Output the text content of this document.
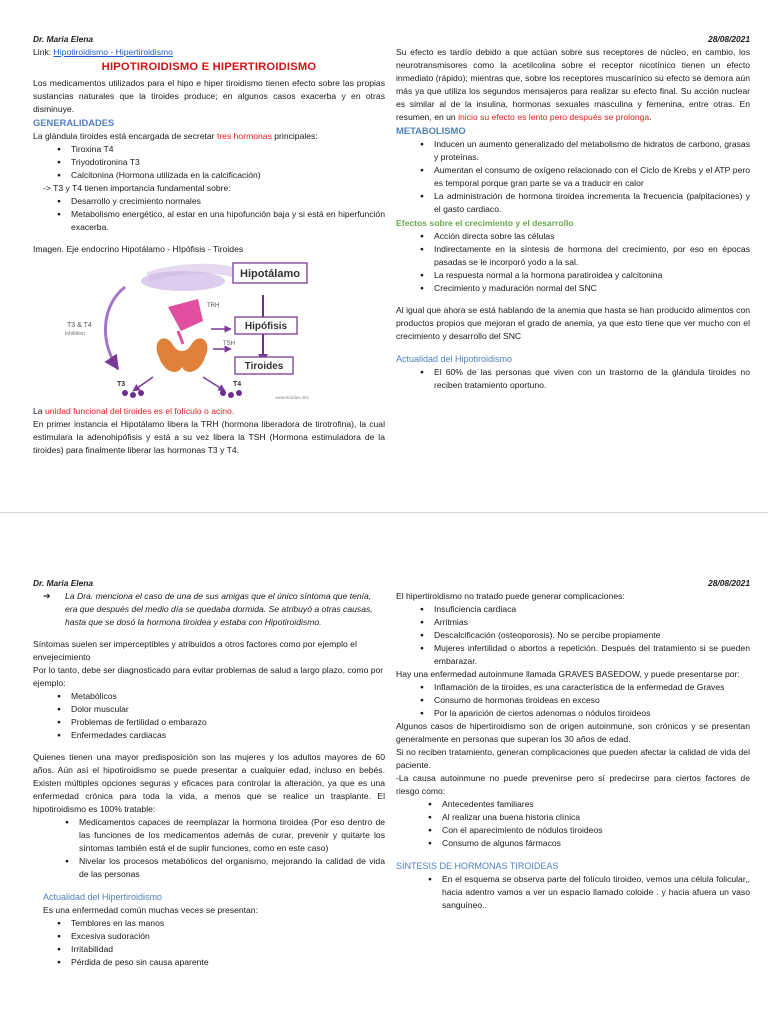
Dr. Maria Elena
Link: Hipotiroidismo - Hipertiroidismo
HIPOTIROIDISMO E HIPERTIROIDISMO
Los medicamentos utilizados para el hipo e hiper tiroidismo tienen efecto sobre las propias sustancias naturales que la tiroides produce; en algunos casos exacerba y en otras disminuye.
GENERALIDADES
La glándula tiroides está encargada de secretar tres hormonas principales:
● Tiroxina T4
● Triyodotironina T3
● Calcitonina (Hormona utilizada en la calcificación)
-> T3 y T4 tienen importancia fundamental sobre:
● Desarrollo y crecimiento normales
● Metabolismo energético, al estar en una hipofunción baja y si está en hiperfunción exacerba.
Imagen. Eje endocrino Hipotálamo - HIpófisis - Tiroides
Hipotálamo
Hipófisis
Tiroides
TRH
TSH
T3 & T4
Inhibition
T3	T4
www.tiroides.info
La unidad funcional del tiroides es el folículo o acino.
En primer instancia el Hipotálamo libera la TRH (hormona liberadora de tirotrofina), la cual estimulara la adenohipófisis y está a su vez libera la TSH (Hormona estimuladora de la tiroides) para finalmente liberar las hormonas T3 y T4.
28/08/2021
Su efecto es tardío debido a que actúan sobre sus receptores de núcleo, en cambio, los neurotransmisores como la acetilcolina sobre el receptor nicotínico tienen un efecto inmediato (rápido); mientras que, sobre los receptores muscarínico su efecto se demora aún más ya que utiliza los segundos mensajeros para realizar su efecto final. Su acción nuclear es similar al de la insulina, hormonas sexuales masculina y femenina, entre otras. En resumen, en un inicio su efecto es lento pero después se prolonga.
METABOLISMO
● Inducen un aumento generalizado del metabolismo de hidratos de carbono, grasas y proteínas.
● Aumentan el consumo de oxígeno relacionado con el Ciclo de Krebs y el ATP pero es temporal porque gran parte se va a traducir en calor
● La administración de hormona tiroidea incrementa la frecuencia (palpitaciones) y el gasto cardiaco.
Efectos sobre el crecimiento y el desarrollo
● Acción directa sobre las células
● Indirectamente en la síntesis de hormona del crecimiento, por eso en épocas pasadas se le incorporó yodo a la sal.
● La respuesta normal a la hormona paratiroidea y calcitonina
● Crecimiento y maduración normal del SNC
Al igual que ahora se está hablando de la anemia que hasta se han producido alimentos con productos propios que mejoran el grado de anemia, ya que esto tiene que ver mucho con el crecimiento y desarrollo del SNC
Actualidad del Hipotiroidismo
● El 60% de las personas que viven con un trastorno de la glándula tiroides no reciben tratamiento oportuno.
Dr. Maria Elena
➔ La Dra. menciona el caso de una de sus amigas que el único síntoma que tenía, era que después del medio día se quedaba dormida. Se atribuyó a otras causas, hasta que se dosó la hormona tiroidea y estaba con Hipotiroidismo.
Síntomas suelen ser imperceptibles y atribuidos a otros factores como por ejemplo el envejecimiento
Por lo tanto, debe ser diagnosticado para evitar problemas de salud a largo plazo, como por ejemplo:
● Metabólicos
● Dolor muscular
● Problemas de fertilidad o embarazo
● Enfermedades cardiacas
Quienes tienen una mayor predisposición son las mujeres y los adultos mayores de 60 años. Aún así el hipotiroidismo se puede presentar a cualquier edad, incluso en bebés. Existen múltiples opciones seguras y eficaces para controlar la alteración, ya que es una enfermedad crónica para toda la vida, a menos que se realice un trasplante. El hipotiroidismo es 100% tratable:
● Medicamentos capaces de reemplazar la hormona tiroidea (Por eso dentro de las funciones de los medicamentos además de curar, prevenir y quitarte los síntomas también está el de suplir funciones, como en este caso)
● Nivelar los procesos metabólicos del organismo, mejorando la calidad de vida de las personas
Actualidad del Hipertiroidismo
Es una enfermedad común muchas veces se presentan:
● Temblores en las manos
● Excesiva sudoración
● Irritabilidad
● Pérdida de peso sin causa aparente
28/08/2021
El hipertiroidismo no tratado puede generar complicaciones:
● Insuficiencia cardiaca
● Arritmias
● Descalcificación (osteoporosis). No se percibe propiamente
● Mujeres infertilidad o abortos a repetición. Después del tratamiento si se pueden embarazar.
Hay una enfermedad autoinmune llamada GRAVES BASEDOW, y puede presentarse por:
● Inflamación de la tiroides, es una característica de la enfermedad de Graves
● Consumo de hormonas tiroideas en exceso
● Por la aparición de ciertos adenomas o nódulos tiroideos
Algunos casos de hipertiroidismo son de origen autoinmune, son crónicos y se presentan generalmente en personas que superan los 30 años de edad.
Si no reciben tratamiento, generan complicaciones que pueden afectar la calidad de vida del paciente.
-La causa autoinmune no puede prevenirse pero sí predecirse para ciertos factores de riesgo como:
● Antecedentes familiares
● Al realizar una buena historia clínica
● Con el aparecimiento de nódulos tiroideos
● Consumo de algunos fármacos
SÍNTESIS DE HORMONAS TIROIDEAS
● En el esquema se observa parte del folículo tiroideo, vemos una célula folicular,, hacia adentro vamos a ver un espacio llamado coloide . y hacia afuera un vaso sanguíneo..
